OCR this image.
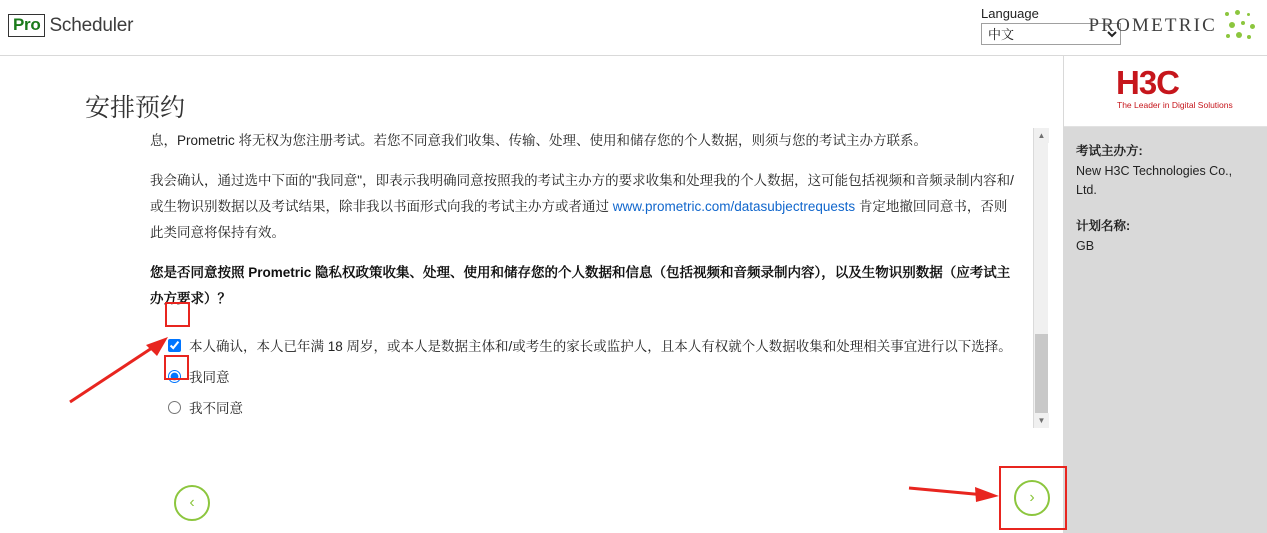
Pro Scheduler
Language
中文
PROMETRIC
安排预约

息，Prometric 将无权为您注册考试。若您不同意我们收集、传输、处理、使用和储存您的个人数据，则须与您的考试主办方联系。

我会确认，通过选中下面的"我同意"，即表示我明确同意按照我的考试主办方的要求收集和处理我的个人数据，这可能包括视频和音频录制内容和/或生物识别数据以及考试结果，除非我以书面形式向我的考试主办方或者通过 www.prometric.com/datasubjectrequests 肯定地撤回同意书，否则此类同意将保持有效。

您是否同意按照 Prometric 隐私权政策收集、处理、使用和储存您的个人数据和信息（包括视频和音频录制内容），以及生物识别数据（应考试主办方要求）？

本人确认，本人已年满 18 周岁，或本人是数据主体和/或考生的家长或监护人，且本人有权就个人数据收集和处理相关事宜进行以下选择。
我同意
我不同意
▲
▼
H3C
The Leader in Digital Solutions

考试主办方:

New H3C Technologies Co., Ltd.

计划名称:

GB

‹	›
